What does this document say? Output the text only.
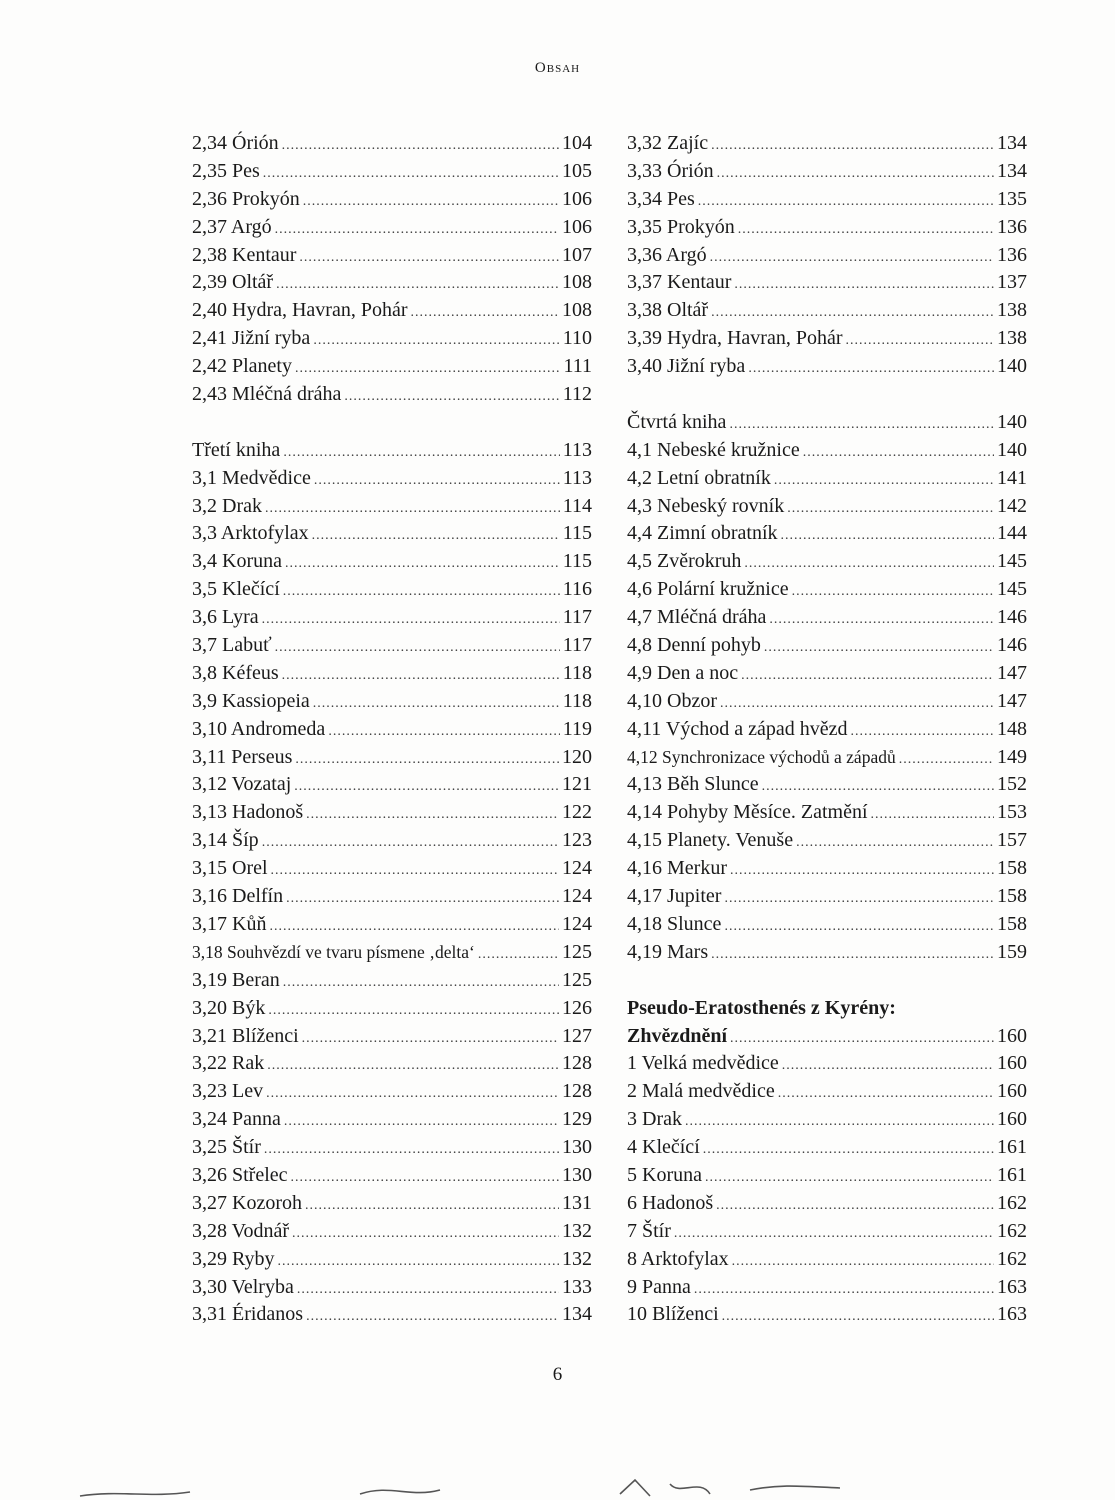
Obsah
2,34 Órión .....	104
2,35 Pes .....	105
2,36 Prokyón .....	106
2,37 Argó .....	106
2,38 Kentaur .....	107
2,39 Oltář .....	108
2,40 Hydra, Havran, Pohár .....	108
2,41 Jižní ryba .....	110
2,42 Planety .....	111
2,43 Mléčná dráha .....	112
Třetí kniha .....	113
3,1 Medvědice .....	113
3,2 Drak .....	114
3,3 Arktofylax .....	115
3,4 Koruna .....	115
3,5 Klečící .....	116
3,6 Lyra .....	117
3,7 Labuť .....	117
3,8 Kéfeus .....	118
3,9 Kassiopeia .....	118
3,10 Andromeda .....	119
3,11 Perseus .....	120
3,12 Vozataj .....	121
3,13 Hadonoš .....	122
3,14 Šíp .....	123
3,15 Orel .....	124
3,16 Delfín .....	124
3,17 Kůň .....	124
3,18 Souhvězdí ve tvaru písmene ‚delta‘ .....	125
3,19 Beran .....	125
3,20 Býk .....	126
3,21 Blíženci .....	127
3,22 Rak .....	128
3,23 Lev .....	128
3,24 Panna .....	129
3,25 Štír .....	130
3,26 Střelec .....	130
3,27 Kozoroh .....	131
3,28 Vodnář .....	132
3,29 Ryby .....	132
3,30 Velryba .....	133
3,31 Éridanos .....	134
3,32 Zajíc .....	134
3,33 Órión .....	134
3,34 Pes .....	135
3,35 Prokyón .....	136
3,36 Argó .....	136
3,37 Kentaur .....	137
3,38 Oltář .....	138
3,39 Hydra, Havran, Pohár .....	138
3,40 Jižní ryba .....	140
Čtvrtá kniha .....	140
4,1 Nebeské kružnice .....	140
4,2 Letní obratník .....	141
4,3 Nebeský rovník .....	142
4,4 Zimní obratník .....	144
4,5 Zvěrokruh .....	145
4,6 Polární kružnice .....	145
4,7 Mléčná dráha .....	146
4,8 Denní pohyb .....	146
4,9 Den a noc .....	147
4,10 Obzor .....	147
4,11 Východ a západ hvězd .....	148
4,12 Synchronizace východů a západů .....	149
4,13 Běh Slunce .....	152
4,14 Pohyby Měsíce. Zatmění .....	153
4,15 Planety. Venuše .....	157
4,16 Merkur .....	158
4,17 Jupiter .....	158
4,18 Slunce .....	158
4,19 Mars .....	159
Pseudo-Eratosthenés z Kyrény:
Zhvězdnění .....	160
1 Velká medvědice .....	160
2 Malá medvědice .....	160
3 Drak .....	160
4 Klečící .....	161
5 Koruna .....	161
6 Hadonoš .....	162
7 Štír .....	162
8 Arktofylax .....	162
9 Panna .....	163
10 Blíženci .....	163
6
